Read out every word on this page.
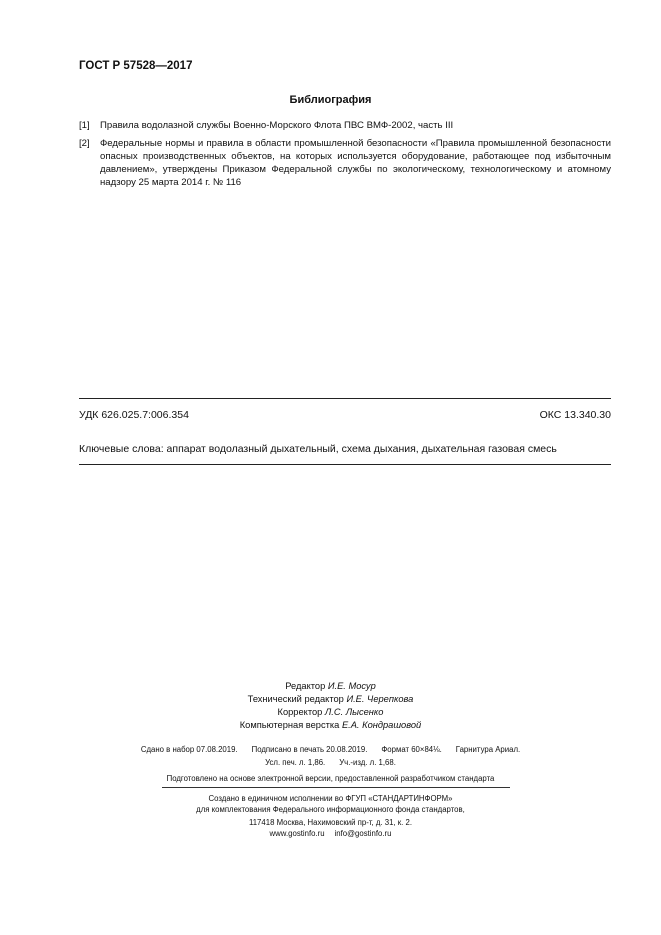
ГОСТ Р 57528—2017
Библиография
[1] Правила водолазной службы Военно-Морского Флота ПВС ВМФ-2002, часть III
[2] Федеральные нормы и правила в области промышленной безопасности «Правила промышленной безопасности опасных производственных объектов, на которых используется оборудование, работающее под избыточным давлением», утверждены Приказом Федеральной службы по экологическому, технологическому и атомному надзору 25 марта 2014 г. № 116
УДК 626.025.7:006.354	ОКС 13.340.30
Ключевые слова: аппарат водолазный дыхательный, схема дыхания, дыхательная газовая смесь
Редактор И.Е. Мосур
Технический редактор И.Е. Черепкова
Корректор Л.С. Лысенко
Компьютерная верстка Е.А. Кондрашовой
Сдано в набор 07.08.2019. Подписано в печать 20.08.2019. Формат 60×84⅛. Гарнитура Ариал.
Усл. печ. л. 1,86. Уч.-изд. л. 1,68.
Подготовлено на основе электронной версии, предоставленной разработчиком стандарта
Создано в единичном исполнении во ФГУП «СТАНДАРТИНФОРМ»
для комплектования Федерального информационного фонда стандартов,
117418 Москва, Нахимовский пр-т, д. 31, к. 2.
www.gostinfo.ru info@gostinfo.ru
